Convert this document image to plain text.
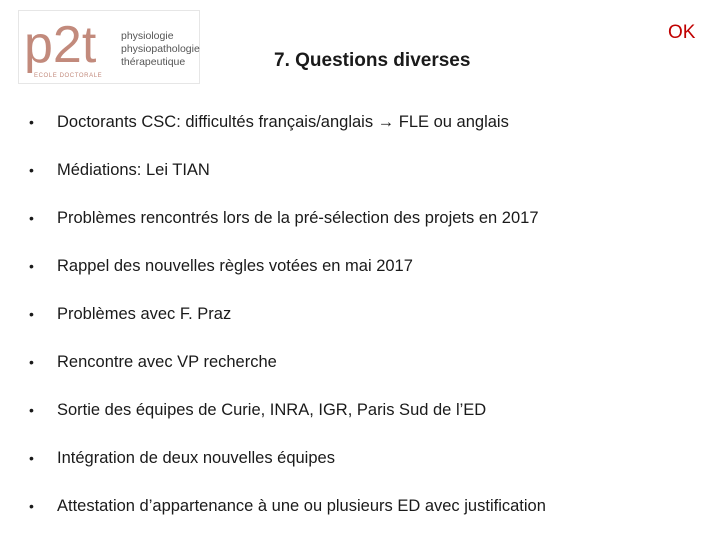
p2t
ECOLE DOCTORALE
physiologie
physiopathologie
thérapeutique	7. Questions diverses
OK
• Doctorants CSC: difficultés français/anglais → FLE ou anglais
• Médiations: Lei TIAN
• Problèmes rencontrés lors de la pré-sélection des projets en 2017
• Rappel des nouvelles règles votées en mai 2017
• Problèmes avec F. Praz
• Rencontre avec VP recherche
• Sortie des équipes de Curie, INRA, IGR, Paris Sud de l’ED
• Intégration de deux nouvelles équipes
• Attestation d’appartenance à une ou plusieurs ED avec justification
